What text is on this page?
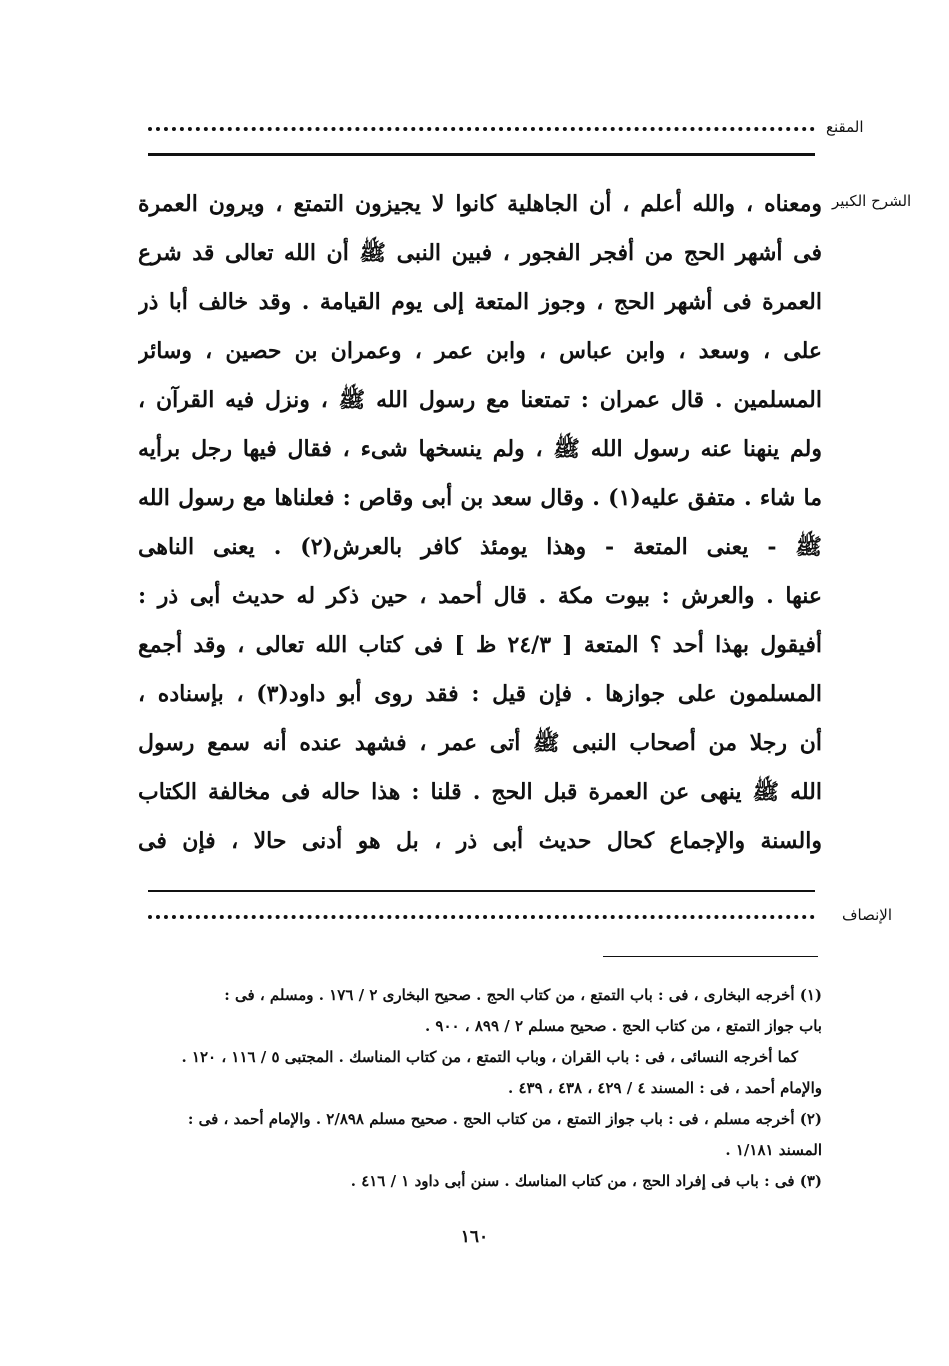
المقنع
الشرح الكبير
ومعناه ، والله أعلم ، أن الجاهلية كانوا لا يجيزون التمتع ، ويرون العمرة
فى أشهر الحج من أفجر الفجور ، فبين النبى ﷺ أن الله تعالى قد شرع
العمرة فى أشهر الحج ، وجوز المتعة إلى يوم القيامة . وقد خالف أبا ذر
على ، وسعد ، وابن عباس ، وابن عمر ، وعمران بن حصين ، وسائر
المسلمين . قال عمران : تمتعنا مع رسول الله ﷺ ، ونزل فيه القرآن ،
ولم ينهنا عنه رسول الله ﷺ ، ولم ينسخها شىء ، فقال فيها رجل برأيه
ما شاء . متفق عليه(١) . وقال سعد بن أبى وقاص : فعلناها مع رسول الله
ﷺ - يعنى المتعة - وهذا يومئذ كافر بالعرش(٢) . يعنى الناهى
عنها . والعرش : بيوت مكة . قال أحمد ، حين ذكر له حديث أبى ذر :
أفيقول بهذا أحد ؟ المتعة [ ٢٤/٣ ظ ] فى كتاب الله تعالى ، وقد أجمع
المسلمون على جوازها . فإن قيل : فقد روى أبو داود(٣) ، بإسناده ،
أن رجلا من أصحاب النبى ﷺ أتى عمر ، فشهد عنده أنه سمع رسول
الله ﷺ ينهى عن العمرة قبل الحج . قلنا : هذا حاله فى مخالفة الكتاب
والسنة والإجماع كحال حديث أبى ذر ، بل هو أدنى حالا ، فإن فى
الإنصاف
(١) أخرجه البخارى ، فى : باب التمتع ، من كتاب الحج . صحيح البخارى ٢ / ١٧٦ . ومسلم ، فى :
باب جواز التمتع ، من كتاب الحج . صحيح مسلم ٢ / ٨٩٩ ، ٩٠٠ .
كما أخرجه النسائى ، فى : باب القران ، وباب التمتع ، من كتاب المناسك . المجتبى ٥ / ١١٦ ، ١٢٠ .
والإمام أحمد ، فى : المسند ٤ / ٤٢٩ ، ٤٣٨ ، ٤٣٩ .
(٢) أخرجه مسلم ، فى : باب جواز التمتع ، من كتاب الحج . صحيح مسلم ٢/٨٩٨ . والإمام أحمد ، فى :
المسند ١/١٨١ .
(٣) فى : باب فى إفراد الحج ، من كتاب المناسك . سنن أبى داود ١ / ٤١٦ .
١٦٠
